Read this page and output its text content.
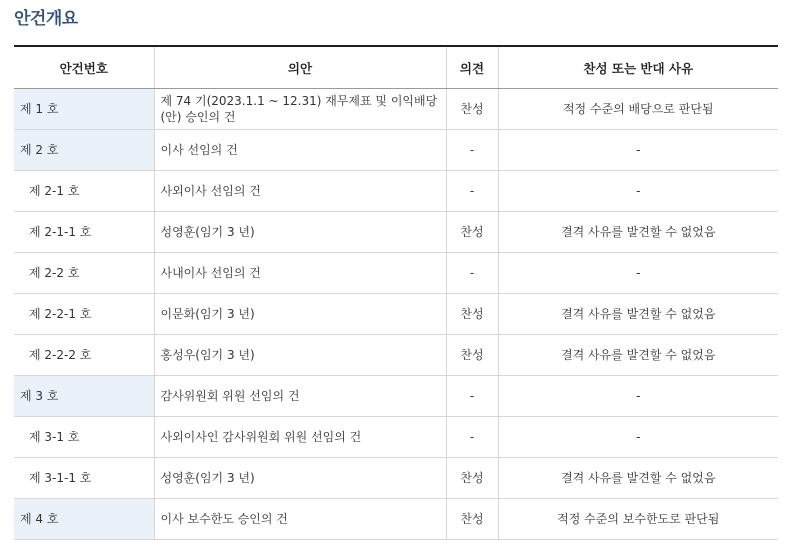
안건개요
안건번호	의안	의견	찬성 또는 반대 사유
제 1 호	제 74 기(2023.1.1 ~ 12.31) 재무제표 및 이익배당(안) 승인의 건	찬성	적정 수준의 배당으로 판단됨
제 2 호	이사 선임의 건	-	-
제 2-1 호	사외이사 선임의 건	-	-
제 2-1-1 호	성영훈(임기 3 년)	찬성	결격 사유를 발견할 수 없었음
제 2-2 호	사내이사 선임의 건	-	-
제 2-2-1 호	이문화(임기 3 년)	찬성	결격 사유를 발견할 수 없었음
제 2-2-2 호	홍성우(임기 3 년)	찬성	결격 사유를 발견할 수 없었음
제 3 호	감사위원회 위원 선임의 건	-	-
제 3-1 호	사외이사인 감사위원회 위원 선임의 건	-	-
제 3-1-1 호	성영훈(임기 3 년)	찬성	결격 사유를 발견할 수 없었음
제 4 호	이사 보수한도 승인의 건	찬성	적정 수준의 보수한도로 판단됨
